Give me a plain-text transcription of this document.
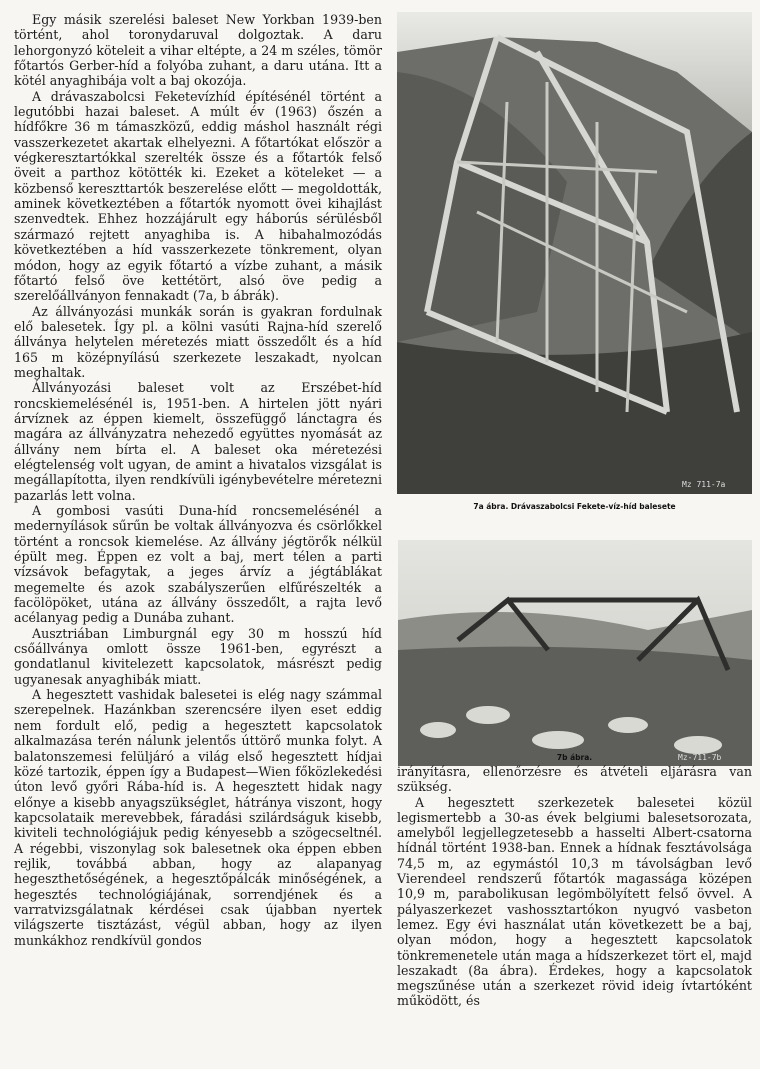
Egy másik szerelési baleset New Yorkban 1939-ben történt, ahol toronydaruval dolgoztak. A daru lehorgonyzó köteleit a vihar eltépte, a 24 m széles, tömör főtartós Gerber-híd a folyóba zuhant, a daru utána. Itt a kötél anyaghibája volt a baj okozója.

A drávaszabolcsi Feketevízhíd építésénél történt a legutóbbi hazai baleset. A múlt év (1963) őszén a hídfőkre 36 m támaszközű, eddig máshol használt régi vasszerkezetet akartak elhelyezni. A főtartókat először a végkeresztartókkal szerelték össze és a főtartók felső öveit a parthoz kötötték ki. Ezeket a köteleket — a közbenső kereszttartók beszerelése előtt — megoldották, aminek következtében a főtartók nyomott övei kihajlást szenvedtek. Ehhez hozzájárult egy háborús sérülésből származó rejtett anyaghiba is. A hibahalmozódás következtében a híd vasszerkezete tönkrement, olyan módon, hogy az egyik főtartó a vízbe zuhant, a másik főtartó felső öve kettétört, alsó öve pedig a szerelőállványon fennakadt (7a, b ábrák).

Az állványozási munkák során is gyakran fordulnak elő balesetek. Így pl. a kölni vasúti Rajna-híd szerelő állványa helytelen méretezés miatt összedőlt és a híd 165 m középnyílású szerkezete leszakadt, nyolcan meghaltak.

Állványozási baleset volt az Erszébet-híd roncskiemelésénél is, 1951-ben. A hirtelen jött nyári árvíznek az éppen kiemelt, összefüggő lánctagra és magára az állványzatra nehezedő együttes nyomását az állvány nem bírta el. A baleset oka méretezési elégtelenség volt ugyan, de amint a hivatalos vizsgálat is megállapította, ilyen rendkívüli igénybevételre méretezni pazarlás lett volna.

A gombosi vasúti Duna-híd roncsemelésénél a medernyílások sűrűn be voltak állványozva és csörlőkkel történt a roncsok kiemelése. Az állvány jégtörők nélkül épült meg. Éppen ez volt a baj, mert télen a parti vízsávok befagytak, a jeges árvíz a jégtáblákat megemelte és azok szabályszerűen elfűrészelték a facölöpöket, utána az állvány összedőlt, a rajta levő acélanyag pedig a Dunába zuhant.

Ausztriában Limburgnál egy 30 m hosszú híd csőállványa omlott össze 1961-ben, egyrészt a gondatlanul kivitelezett kapcsolatok, másrészt pedig ugyanesak anyaghibák miatt.

A hegesztett vashidak balesetei is elég nagy számmal szerepelnek. Hazánkban szerencsére ilyen eset eddig nem fordult elő, pedig a hegesztett kapcsolatok alkalmazása terén nálunk jelentős úttörő munka folyt. A balatonszemesi felüljáró a világ első hegesztett hídjai közé tartozik, éppen így a Budapest—Wien főközlekedési úton levő győri Rába-híd is. A hegesztett hidak nagy előnye a kisebb anyagszükséglet, hátránya viszont, hogy kapcsolataik merevebbek, fáradási szilárdságuk kisebb, kiviteli technológiájuk pedig kényesebb a szögecseltnél. A régebbi, viszonylag sok balesetnek oka éppen ebben rejlik, továbbá abban, hogy az alapanyag hegeszthetőségének, a hegesztőpálcák minőségének, a hegesztés technológiájának, sorrendjének és a varratvizsgálatnak kérdései csak újabban nyertek világszerte tisztázást, végül abban, hogy az ilyen munkákhoz rendkívül gondos

Mz 711-7a
7a ábra. Drávaszabolcsi Fekete-víz-híd balesete
Mz-711-7b
7b ábra.

irányításra, ellenőrzésre és átvételi eljárásra van szükség.

A hegesztett szerkezetek balesetei közül legismertebb a 30-as évek belgiumi balesetsorozata, amelyből legjellegzetesebb a hasselti Albert-csatorna hídnál történt 1938-ban. Ennek a hídnak fesztávolsága 74,5 m, az egymástól 10,3 m távolságban levő Vierendeel rendszerű főtartók magassága középen 10,9 m, parabolikusan legömbölyített felső övvel. A pályaszerkezet vashossztartókon nyugvó vasbeton lemez. Egy évi használat után következett be a baj, olyan módon, hogy a hegesztett kapcsolatok tönkremenetele után maga a hídszerkezet tört el, majd leszakadt (8a ábra). Érdekes, hogy a kapcsolatok megszűnése után a szerkezet rövid ideig ívtartóként működött, és
